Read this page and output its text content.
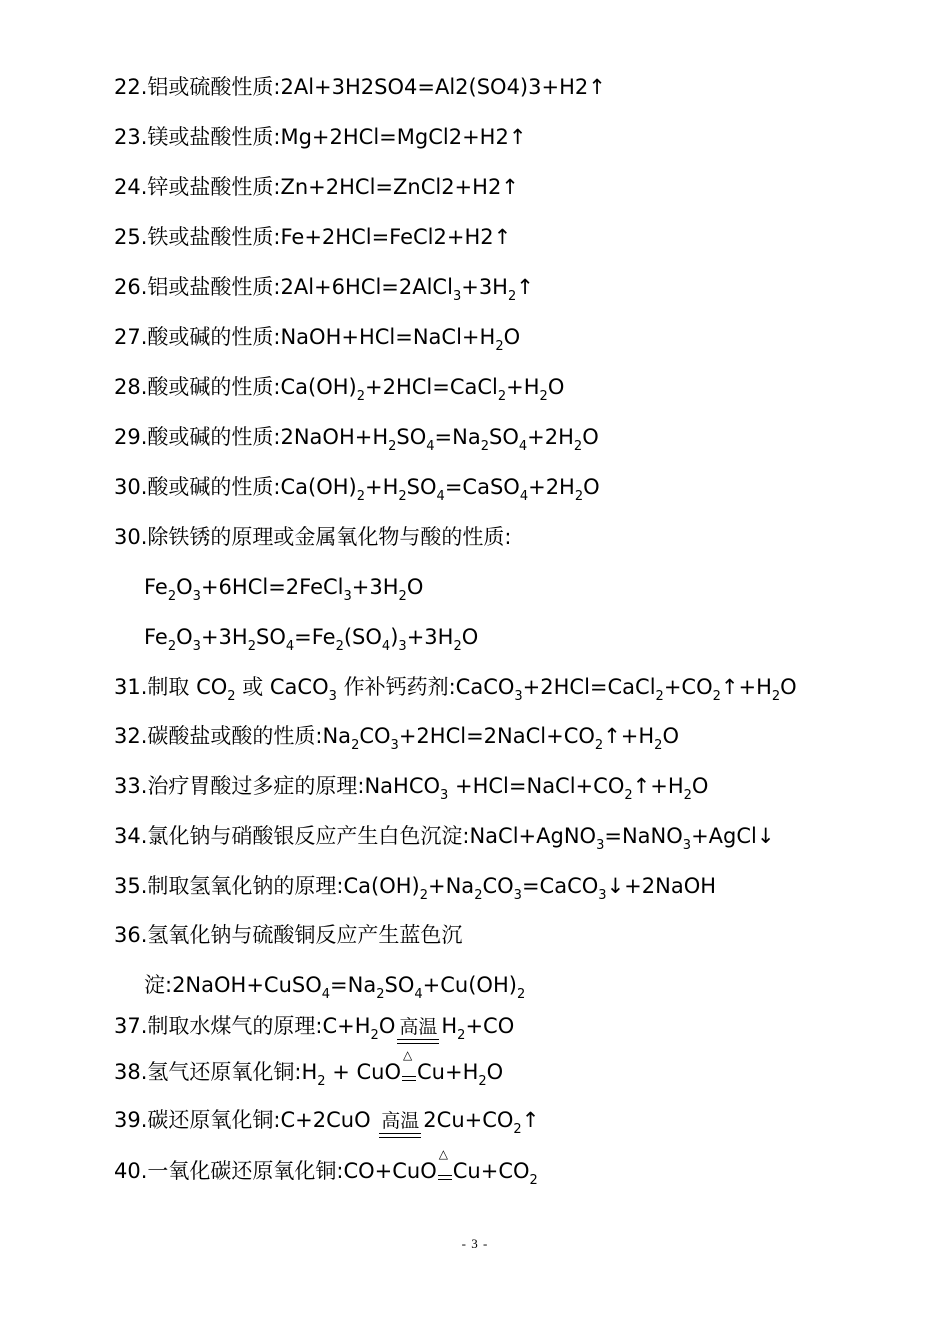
22.铝或硫酸性质:2Al+3H2SO4=Al2(SO4)3+H2↑
23.镁或盐酸性质:Mg+2HCl=MgCl2+H2↑
24.锌或盐酸性质:Zn+2HCl=ZnCl2+H2↑
25.铁或盐酸性质:Fe+2HCl=FeCl2+H2↑
26.铝或盐酸性质$:2Al+6HCl=2AlCl_3+3H_2↑$
27.酸或碱的性质$:NaOH+HCl=NaCl+H_2O$
28.酸或碱的性质$:Ca(OH)_2+2HCl=CaCl_2+H_2O$
29.酸或碱的性质$:2NaOH+H_2SO_4=Na_2SO_4+2H_2O$
30.酸或碱的性质$:Ca(OH)_2+H_2SO_4=CaSO_4+2H_2O$
30.除铁锈的原理或金属氧化物与酸的性质:
$Fe_2O_3+6HCl=2FeCl_3+3H_2O$
$Fe_2O_3+3H_2SO_4=Fe_2(SO_4)_3+3H_2O$
31.制取 $CO_2$ 或 CaCO$_3$ 作补钙药剂$:CaCO_3+2HCl=CaCl_2+CO_2↑+H_2O$
32.碳酸盐或酸的性质$:Na_2CO_3+2HCl=2NaCl+CO_2↑+H_2O$
33.治疗胃酸过多症的原理:NaHCO$_3$ $+HCl=NaCl+CO_2↑+H_2O$
34.氯化钠与硝酸银反应产生白色沉淀:NaCl+AgNO$_3$=NaNO$_3$+AgCl↓
35.制取氢氧化钠的原理$:Ca(OH)_2+Na_2CO_3=CaCO_3↓+2NaOH$
36.氢氧化钠与硫酸铜反应产生蓝色沉
淀$:2NaOH+CuSO_4=Na_2SO_4+Cu(OH)_2$
37.制取水煤气的原理$:C+H_2O$ 高温 $H_2+CO$
38.氢气还原氧化铜$:H_2$ + CuO
△
$Cu+H_2O$
39.碳还原氧化铜:C+2CuO 高温 $2Cu+CO_2↑$
40.一氧化碳还原氧化铜:CO+CuO
△
$Cu+CO_2$
- 3 -
